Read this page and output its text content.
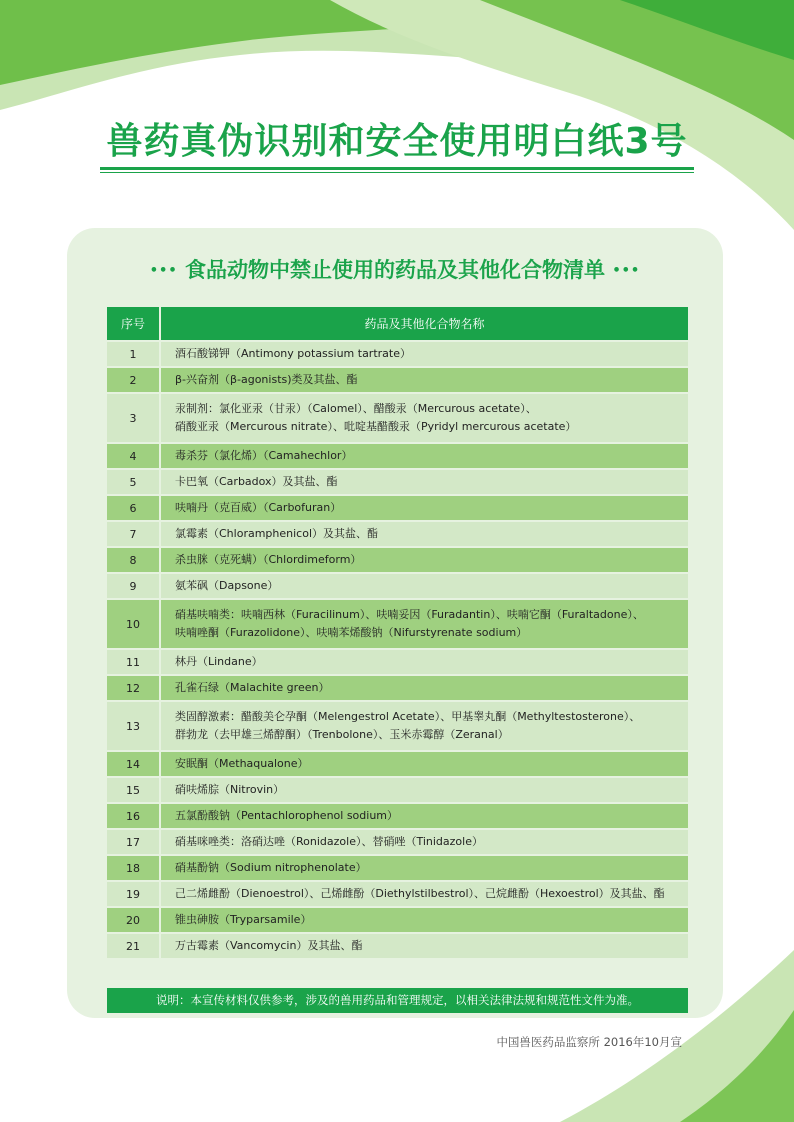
兽药真伪识别和安全使用明白纸3号
••• 食品动物中禁止使用的药品及其他化合物清单 •••
序号	药品及其他化合物名称
1	酒石酸锑钾（Antimony potassium tartrate）
2	β-兴奋剂（β-agonists)类及其盐、酯
3	汞制剂：氯化亚汞（甘汞）（Calomel）、醋酸汞（Mercurous acetate）、
硝酸亚汞（Mercurous nitrate）、吡啶基醋酸汞（Pyridyl mercurous acetate）

4	毒杀芬（氯化烯）（Camahechlor）
5	卡巴氧（Carbadox）及其盐、酯
6	呋喃丹（克百威）（Carbofuran）
7	氯霉素（Chloramphenicol）及其盐、酯
8	杀虫脒（克死螨）（Chlordimeform）
9	氨苯砜（Dapsone）
10	硝基呋喃类：呋喃西林（Furacilinum）、呋喃妥因（Furadantin）、呋喃它酮（Furaltadone）、
呋喃唑酮（Furazolidone）、呋喃苯烯酸钠（Nifurstyrenate sodium）

11	林丹（Lindane）
12	孔雀石绿（Malachite green）
13	类固醇激素：醋酸美仑孕酮（Melengestrol Acetate）、甲基睾丸酮（Methyltestosterone）、
群勃龙（去甲雄三烯醇酮）（Trenbolone）、玉米赤霉醇（Zeranal）

14	安眠酮（Methaqualone）
15	硝呋烯腙（Nitrovin）
16	五氯酚酸钠（Pentachlorophenol sodium）
17	硝基咪唑类：洛硝达唑（Ronidazole）、替硝唑（Tinidazole）
18	硝基酚钠（Sodium nitrophenolate）
19	己二烯雌酚（Dienoestrol）、己烯雌酚（Diethylstilbestrol）、己烷雌酚（Hexoestrol）及其盐、酯
20	锥虫砷胺（Tryparsamile）
21	万古霉素（Vancomycin）及其盐、酯

说明：本宣传材料仅供参考，涉及的兽用药品和管理规定，以相关法律法规和规范性文件为准。

中国兽医药品监察所 2016年10月宣
